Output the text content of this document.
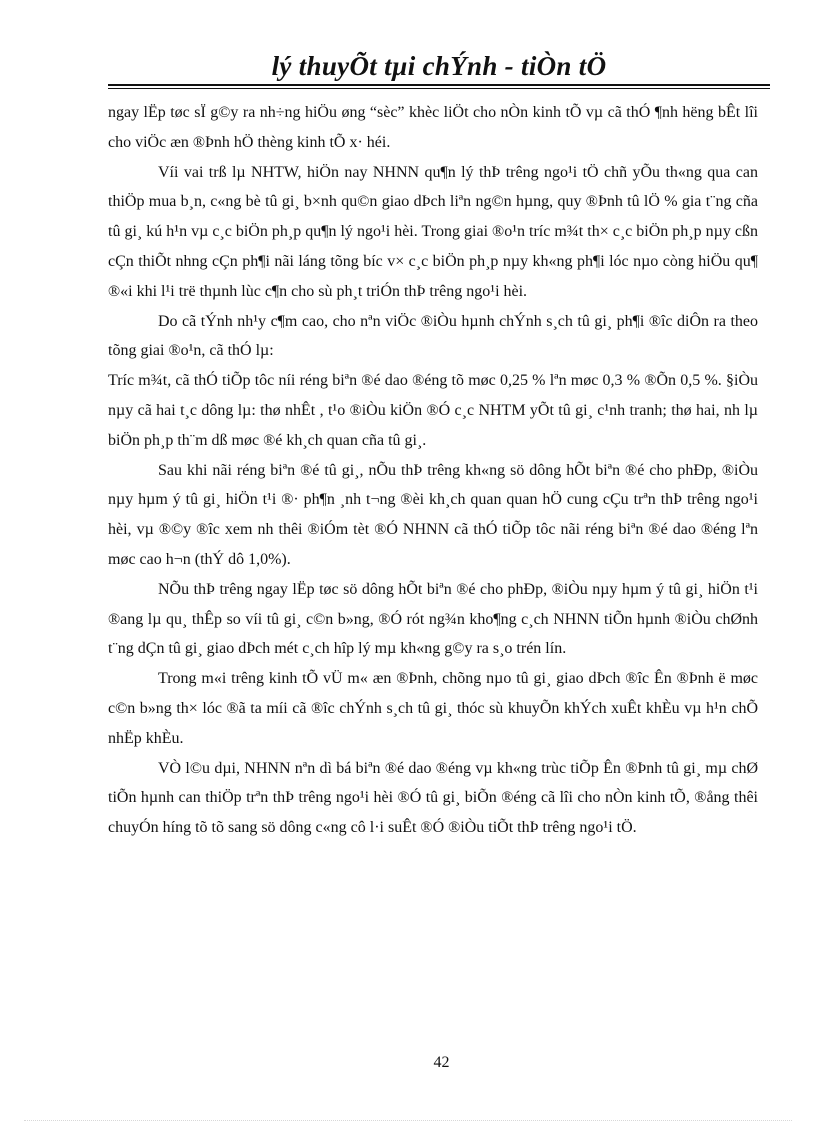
lý thuyÕt tµi chÝnh - tiÒn tÖ

ngay lËp tøc sÏ g©y ra nh÷ng hiÖu øng “sèc” khèc liÖt cho nÒn kinh tÕ vµ cã thÓ ¶nh hëng bÊt lîi cho viÖc æn ®Þnh hÖ thèng kinh tÕ x· héi.

Víi vai trß lµ NHTW, hiÖn nay NHNN qu¶n lý thÞ trêng ngo¹i tÖ chñ yÕu th«ng qua can thiÖp mua b¸n, c«ng bè tû gi¸ b×nh qu©n giao dÞch liªn ng©n hµng, quy ®Þnh tû lÖ % gia t¨ng cña tû gi¸ kú h¹n vµ c¸c biÖn ph¸p qu¶n lý ngo¹i hèi. Trong giai ®o¹n tríc m¾t th× c¸c biÖn ph¸p nµy cßn cÇn thiÕt nhng cÇn ph¶i nãi láng tõng bíc v× c¸c biÖn ph¸p nµy kh«ng ph¶i lóc nµo còng hiÖu qu¶ ®«i khi l¹i trë thµnh lùc c¶n cho sù ph¸t triÓn thÞ trêng ngo¹i hèi.

Do cã tÝnh nh¹y c¶m cao, cho nªn viÖc ®iÒu hµnh chÝnh s¸ch tû gi¸ ph¶i ®îc diÔn ra theo tõng giai ®o¹n, cã thÓ lµ:

Tríc m¾t, cã thÓ tiÕp tôc níi réng biªn ®é dao ®éng tõ møc 0,25 % lªn møc 0,3 % ®Õn 0,5 %. §iÒu nµy cã hai t¸c dông lµ: thø nhÊt , t¹o ®iÒu kiÖn ®Ó c¸c NHTM yÕt tû gi¸ c¹nh tranh; thø hai, nh lµ biÖn ph¸p th¨m dß møc ®é kh¸ch quan cña tû gi¸.

Sau khi nãi réng biªn ®é tû gi¸, nÕu thÞ trêng kh«ng sö dông hÕt biªn ®é cho phÐp, ®iÒu nµy hµm ý tû gi¸ hiÖn t¹i ®· ph¶n ¸nh t¬ng ®èi kh¸ch quan quan hÖ cung cÇu trªn thÞ trêng ngo¹i hèi, vµ ®©y ®îc xem nh thêi ®iÓm tèt ®Ó NHNN cã thÓ tiÕp tôc nãi réng biªn ®é dao ®éng lªn møc cao h¬n (thÝ dô 1,0%).

NÕu thÞ trêng ngay lËp tøc sö dông hÕt biªn ®é cho phÐp, ®iÒu nµy hµm ý tû gi¸ hiÖn t¹i ®ang lµ qu¸ thÊp so víi tû gi¸ c©n b»ng, ®Ó rót ng¾n kho¶ng c¸ch NHNN tiÕn hµnh ®iÒu chØnh t¨ng dÇn tû gi¸ giao dÞch mét c¸ch hîp lý mµ kh«ng g©y ra s¸o trén lín.

Trong m«i trêng kinh tÕ vÜ m« æn ®Þnh, chõng nµo tû gi¸ giao dÞch ®îc Ên ®Þnh ë møc c©n b»ng th× lóc ®ã ta míi cã ®îc chÝnh s¸ch tû gi¸ thóc sù khuyÕn khÝch xuÊt khÈu vµ h¹n chÕ nhËp khÈu.

VÒ l©u dµi, NHNN nªn dì bá biªn ®é dao ®éng vµ kh«ng trùc tiÕp Ên ®Þnh tû gi¸ mµ chØ tiÕn hµnh can thiÖp trªn thÞ trêng ngo¹i hèi ®Ó tû gi¸ biÕn ®éng cã lîi cho nÒn kinh tÕ, ®ång thêi chuyÓn híng tõ tõ sang sö dông c«ng cô l·i suÊt ®Ó ®iÒu tiÕt thÞ trêng ngo¹i tÖ.

42
